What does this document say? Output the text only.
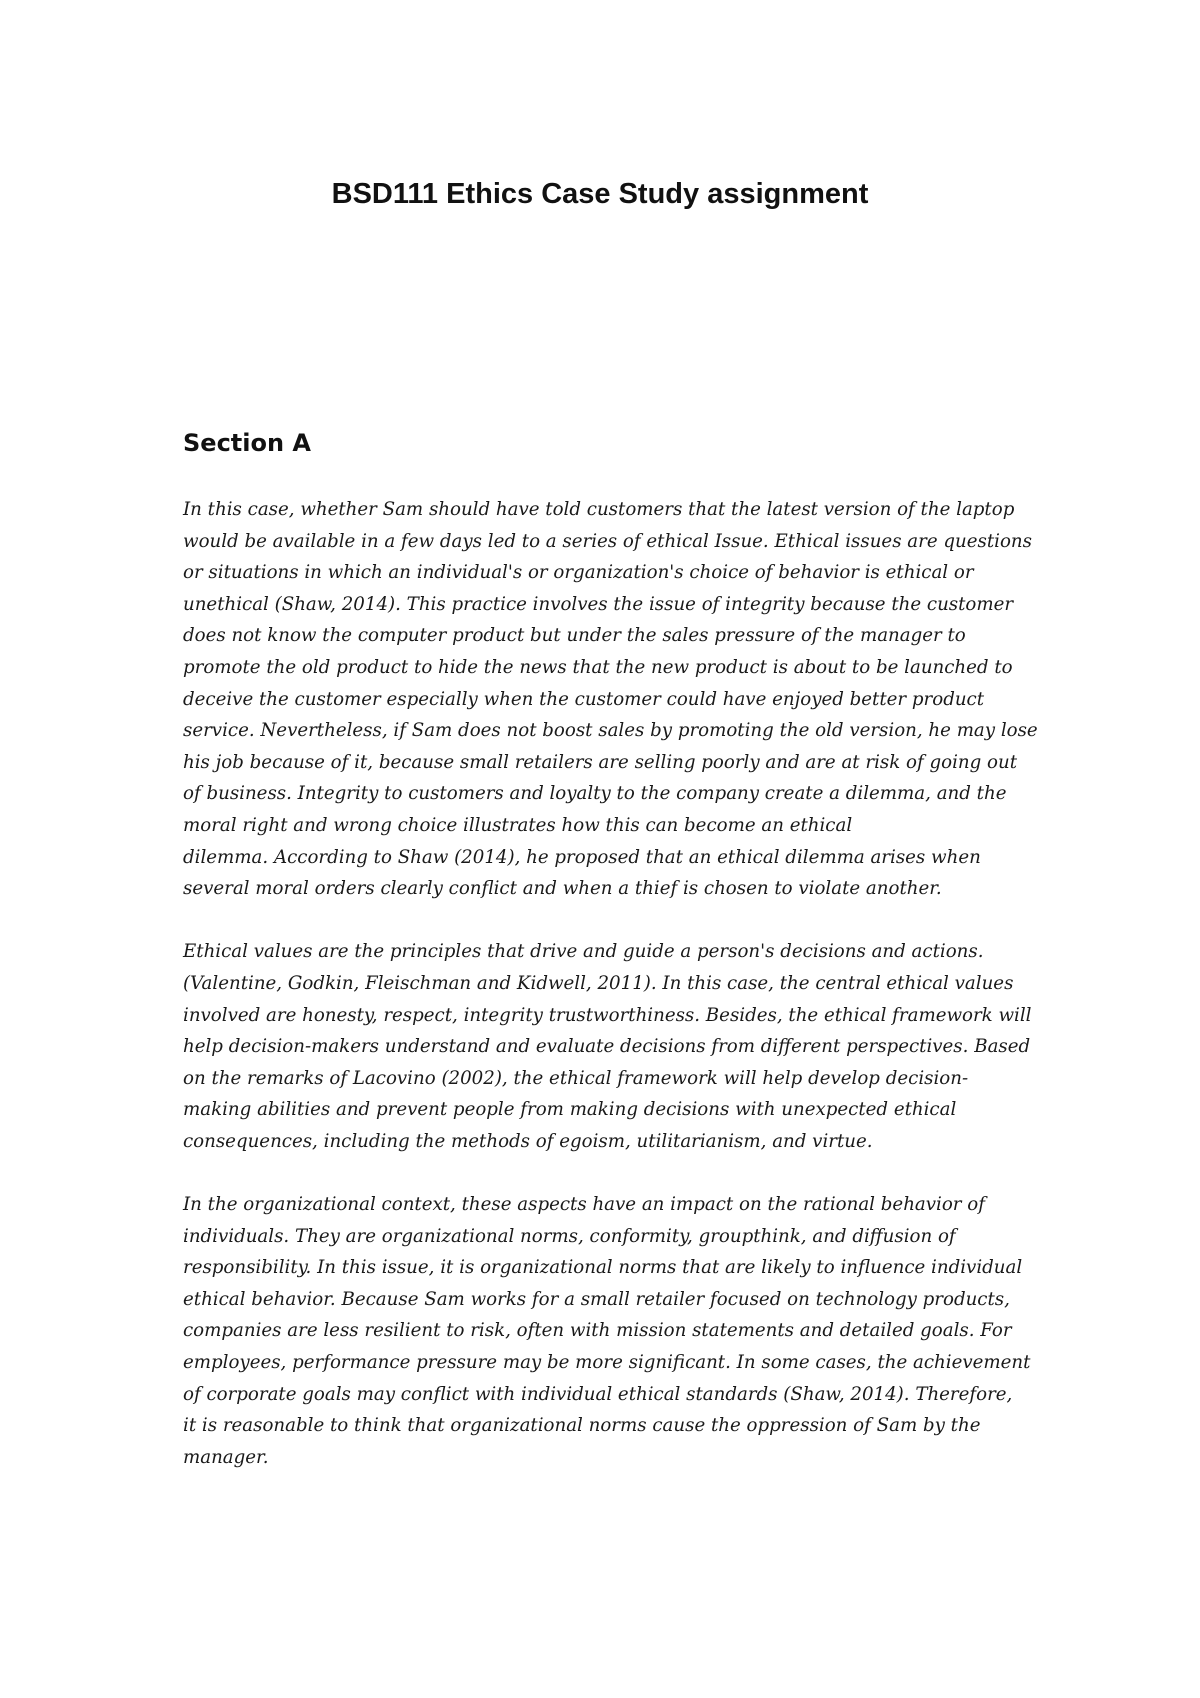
BSD111 Ethics Case Study assignment
Section A

In this case, whether Sam should have told customers that the latest version of the laptop
would be available in a few days led to a series of ethical Issue. Ethical issues are questions
or situations in which an individual's or organization's choice of behavior is ethical or
unethical (Shaw, 2014). This practice involves the issue of integrity because the customer
does not know the computer product but under the sales pressure of the manager to
promote the old product to hide the news that the new product is about to be launched to
deceive the customer especially when the customer could have enjoyed better product
service. Nevertheless, if Sam does not boost sales by promoting the old version, he may lose
his job because of it, because small retailers are selling poorly and are at risk of going out
of business. Integrity to customers and loyalty to the company create a dilemma, and the
moral right and wrong choice illustrates how this can become an ethical
dilemma. According to Shaw (2014), he proposed that an ethical dilemma arises when
several moral orders clearly conflict and when a thief is chosen to violate another.

Ethical values are the principles that drive and guide a person's decisions and actions.
(Valentine, Godkin, Fleischman and Kidwell, 2011). In this case, the central ethical values
involved are honesty, respect, integrity trustworthiness. Besides, the ethical framework will
help decision-makers understand and evaluate decisions from different perspectives. Based
on the remarks of Lacovino (2002), the ethical framework will help develop decision-
making abilities and prevent people from making decisions with unexpected ethical
consequences, including the methods of egoism, utilitarianism, and virtue.

In the organizational context, these aspects have an impact on the rational behavior of
individuals. They are organizational norms, conformity, groupthink, and diffusion of
responsibility. In this issue, it is organizational norms that are likely to influence individual
ethical behavior. Because Sam works for a small retailer focused on technology products,
companies are less resilient to risk, often with mission statements and detailed goals. For
employees, performance pressure may be more significant. In some cases, the achievement
of corporate goals may conflict with individual ethical standards (Shaw, 2014). Therefore,
it is reasonable to think that organizational norms cause the oppression of Sam by the
manager.
